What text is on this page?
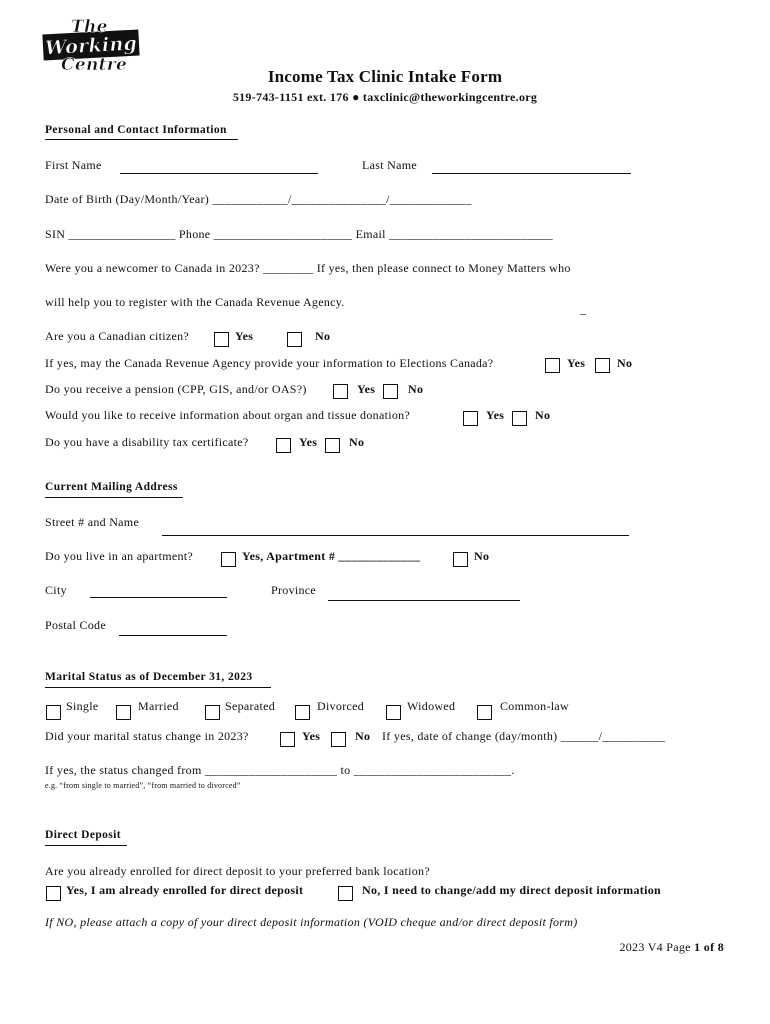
The
Working
Centre
Income Tax Clinic Intake Form
519-743-1151 ext. 176 ● taxclinic@theworkingcentre.org
Personal and Contact Information
First Name	Last Name
Date of Birth (Day/Month/Year) ____________/_______________/_____________
SIN _________________ Phone ______________________ Email __________________________
Were you a newcomer to Canada in 2023? ________ If yes, then please connect to Money Matters who
will help you to register with the Canada Revenue Agency.	_
Are you a Canadian citizen?	Yes	No
If yes, may the Canada Revenue Agency provide your information to Elections Canada?	Yes	No
Do you receive a pension (CPP, GIS, and/or OAS?)	Yes	No
Would you like to receive information about organ and tissue donation?	Yes	No
Do you have a disability tax certificate?	Yes	No
Current Mailing Address
Street # and Name
Do you live in an apartment?	Yes, Apartment # _____________	No
City	Province
Postal Code
Marital Status as of December 31, 2023
Single	Married	Separated	Divorced	Widowed	Common-law
Did your marital status change in 2023?	Yes	No If yes, date of change (day/month) ______/__________
If yes, the status changed from _____________________ to _________________________.
e.g. “from single to married”, “from married to divorced”
Direct Deposit
Are you already enrolled for direct deposit to your preferred bank location?
Yes, I am already enrolled for direct deposit	No, I need to change/add my direct deposit information
If NO, please attach a copy of your direct deposit information (VOID cheque and/or direct deposit form)
2023 V4 Page 1 of 8
